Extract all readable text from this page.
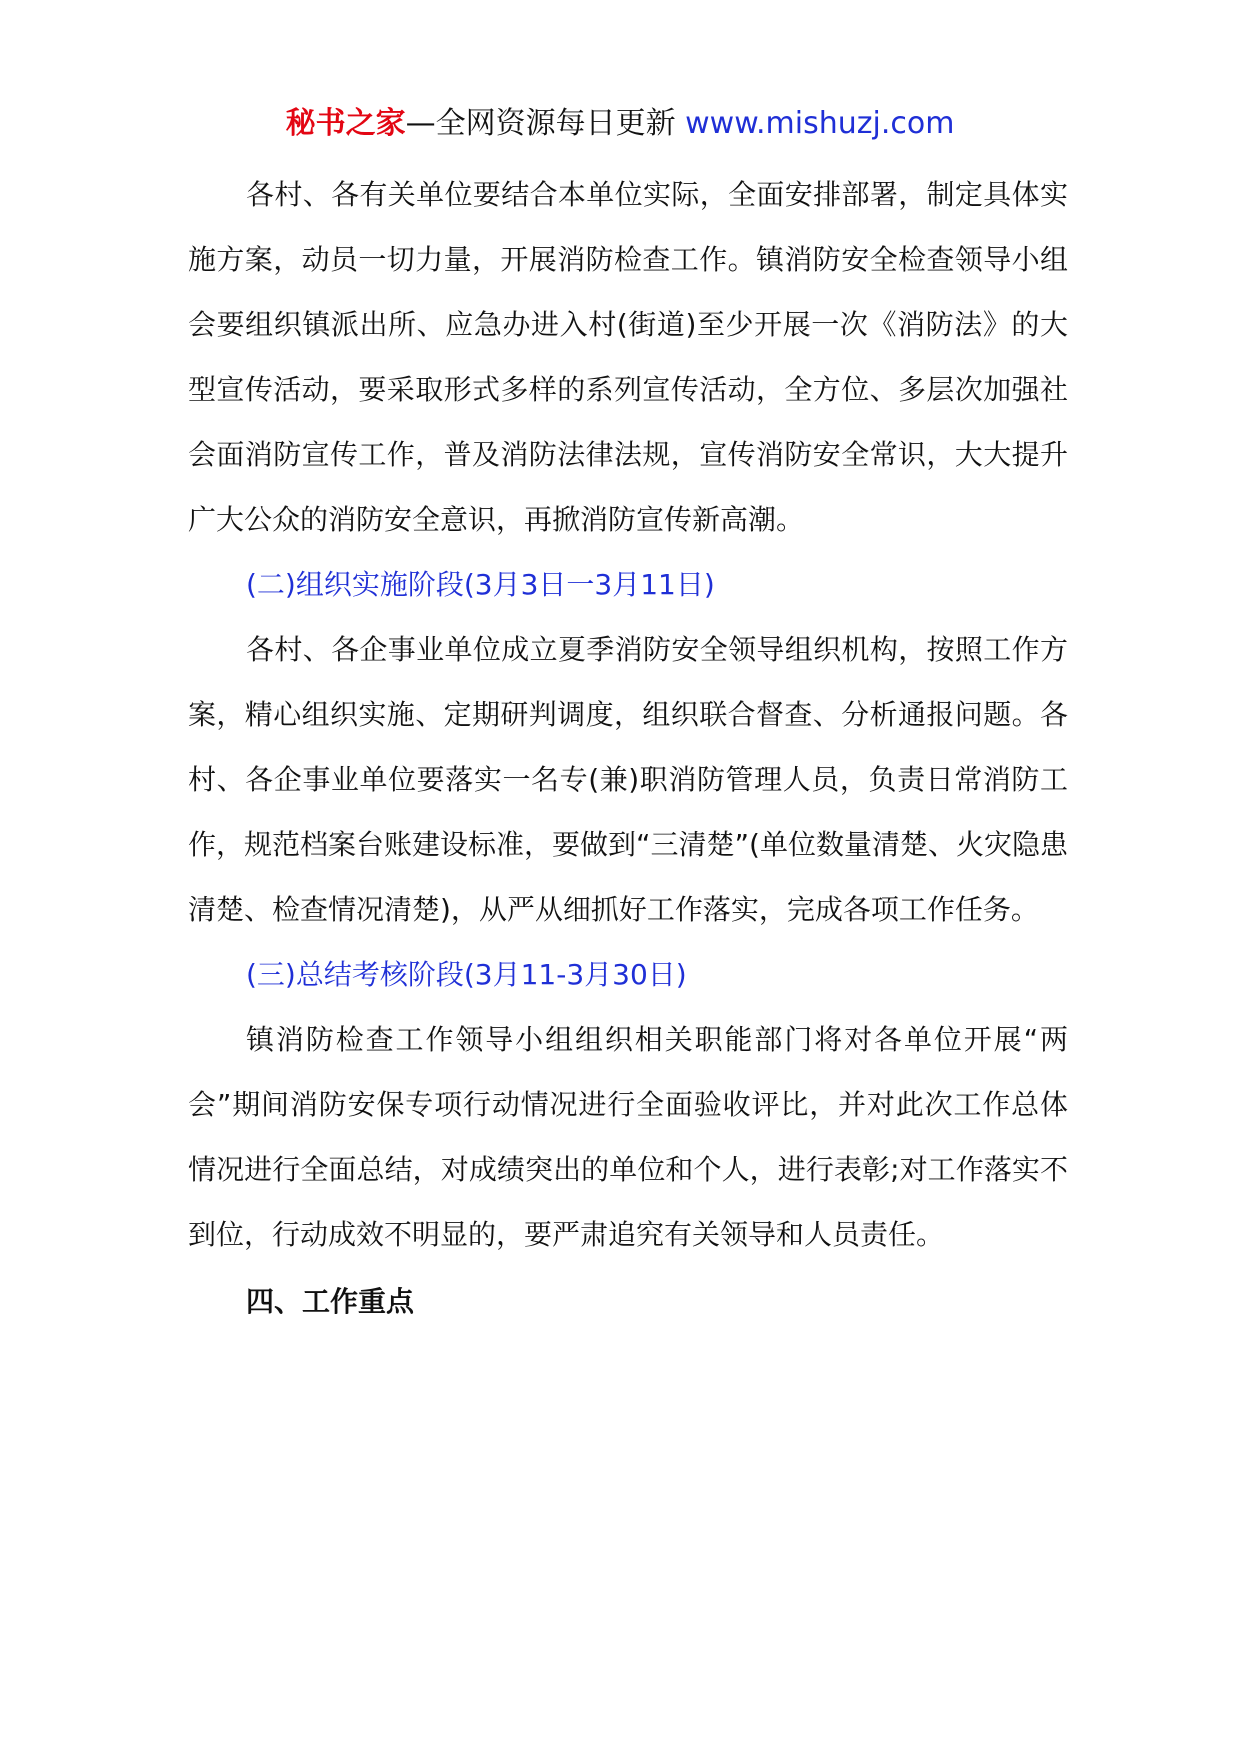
秘书之家—全网资源每日更新 www.mishuzj.com

各村、各有关单位要结合本单位实际，全面安排部署，制定具体实施方案，动员一切力量，开展消防检查工作。镇消防安全检查领导小组会要组织镇派出所、应急办进入村(街道)至少开展一次《消防法》的大型宣传活动，要采取形式多样的系列宣传活动，全方位、多层次加强社会面消防宣传工作，普及消防法律法规，宣传消防安全常识，大大提升广大公众的消防安全意识，再掀消防宣传新高潮。

(二)组织实施阶段(3月3日一3月11日)

各村、各企事业单位成立夏季消防安全领导组织机构，按照工作方案，精心组织实施、定期研判调度，组织联合督查、分析通报问题。各村、各企事业单位要落实一名专(兼)职消防管理人员，负责日常消防工作，规范档案台账建设标准，要做到“三清楚”(单位数量清楚、火灾隐患清楚、检查情况清楚)，从严从细抓好工作落实，完成各项工作任务。

(三)总结考核阶段(3月11-3月30日)

镇消防检查工作领导小组组织相关职能部门将对各单位开展“两会”期间消防安保专项行动情况进行全面验收评比，并对此次工作总体情况进行全面总结，对成绩突出的单位和个人，进行表彰;对工作落实不到位，行动成效不明显的，要严肃追究有关领导和人员责任。

四、工作重点
